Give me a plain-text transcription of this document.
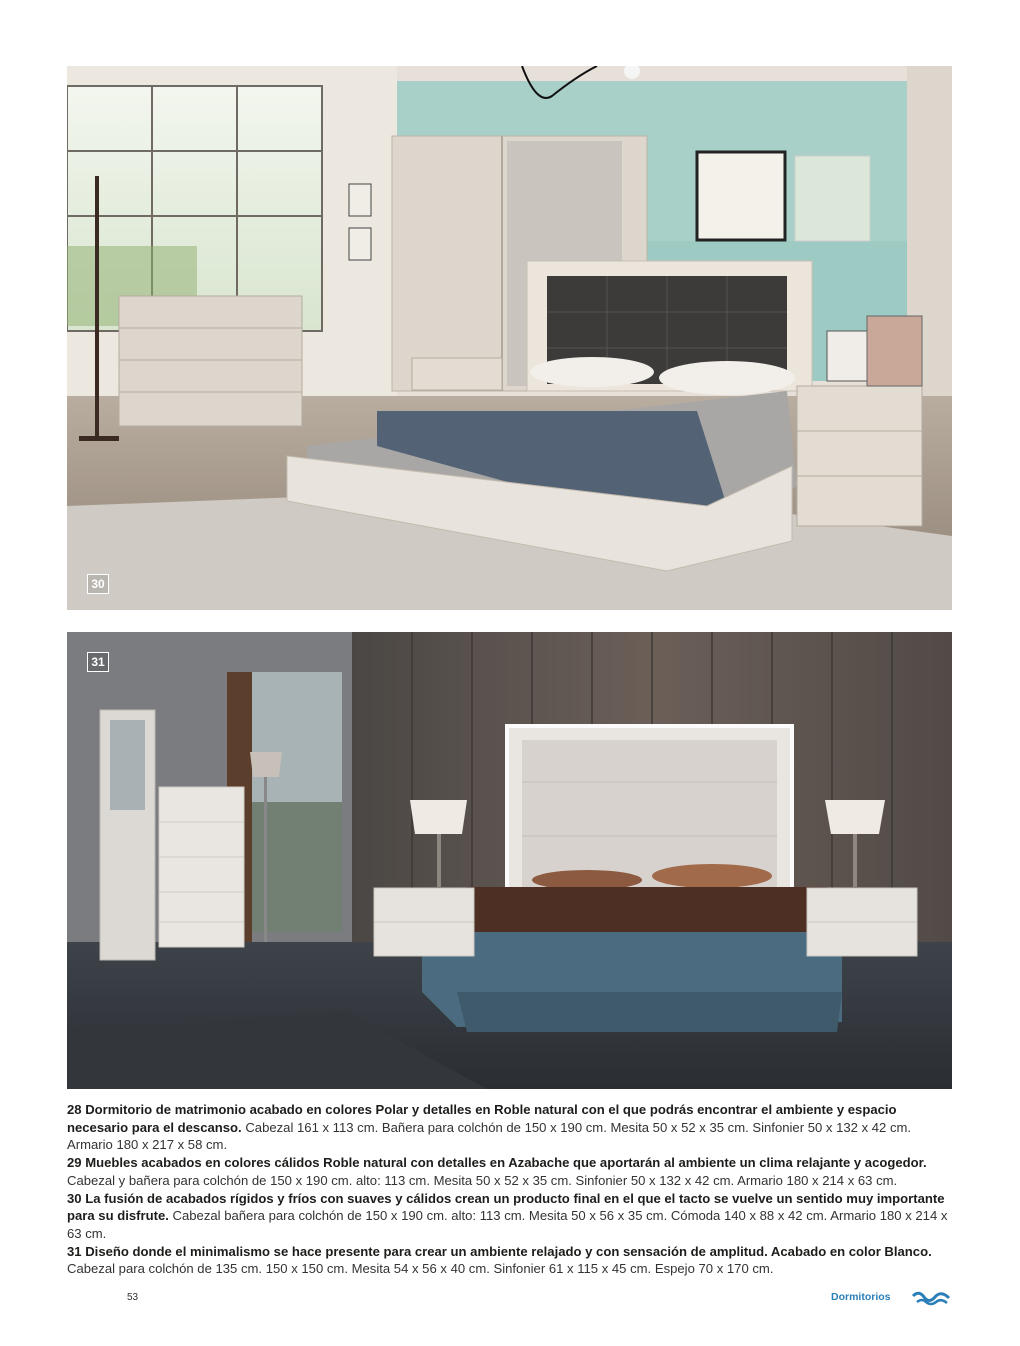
30
31

28 Dormitorio de matrimonio acabado en colores Polar y detalles en Roble natural con el que podrás encontrar el ambiente y espacio necesario para el descanso. Cabezal 161 x 113 cm. Bañera para colchón de 150 x 190 cm. Mesita 50 x 52 x 35 cm. Sinfonier 50 x 132 x 42 cm. Armario 180 x 217 x 58 cm.

29 Muebles acabados en colores cálidos Roble natural con detalles en Azabache que aportarán al ambiente un clima relajante y acogedor. Cabezal y bañera para colchón de 150 x 190 cm. alto: 113 cm. Mesita 50 x 52 x 35 cm. Sinfonier 50 x 132 x 42 cm. Armario 180 x 214 x 63 cm.

30 La fusión de acabados rígidos y fríos con suaves y cálidos crean un producto final en el que el tacto se vuelve un sentido muy importante para su disfrute. Cabezal bañera para colchón de 150 x 190 cm. alto: 113 cm. Mesita 50 x 56 x 35 cm. Cómoda 140 x 88 x 42 cm. Armario 180 x 214 x 63 cm.

31 Diseño donde el minimalismo se hace presente para crear un ambiente relajado y con sensación de amplitud. Acabado en color Blanco. Cabezal para colchón de 135 cm. 150 x 150 cm. Mesita 54 x 56 x 40 cm. Sinfonier 61 x 115 x 45 cm. Espejo 70 x 170 cm.

53	Dormitorios
